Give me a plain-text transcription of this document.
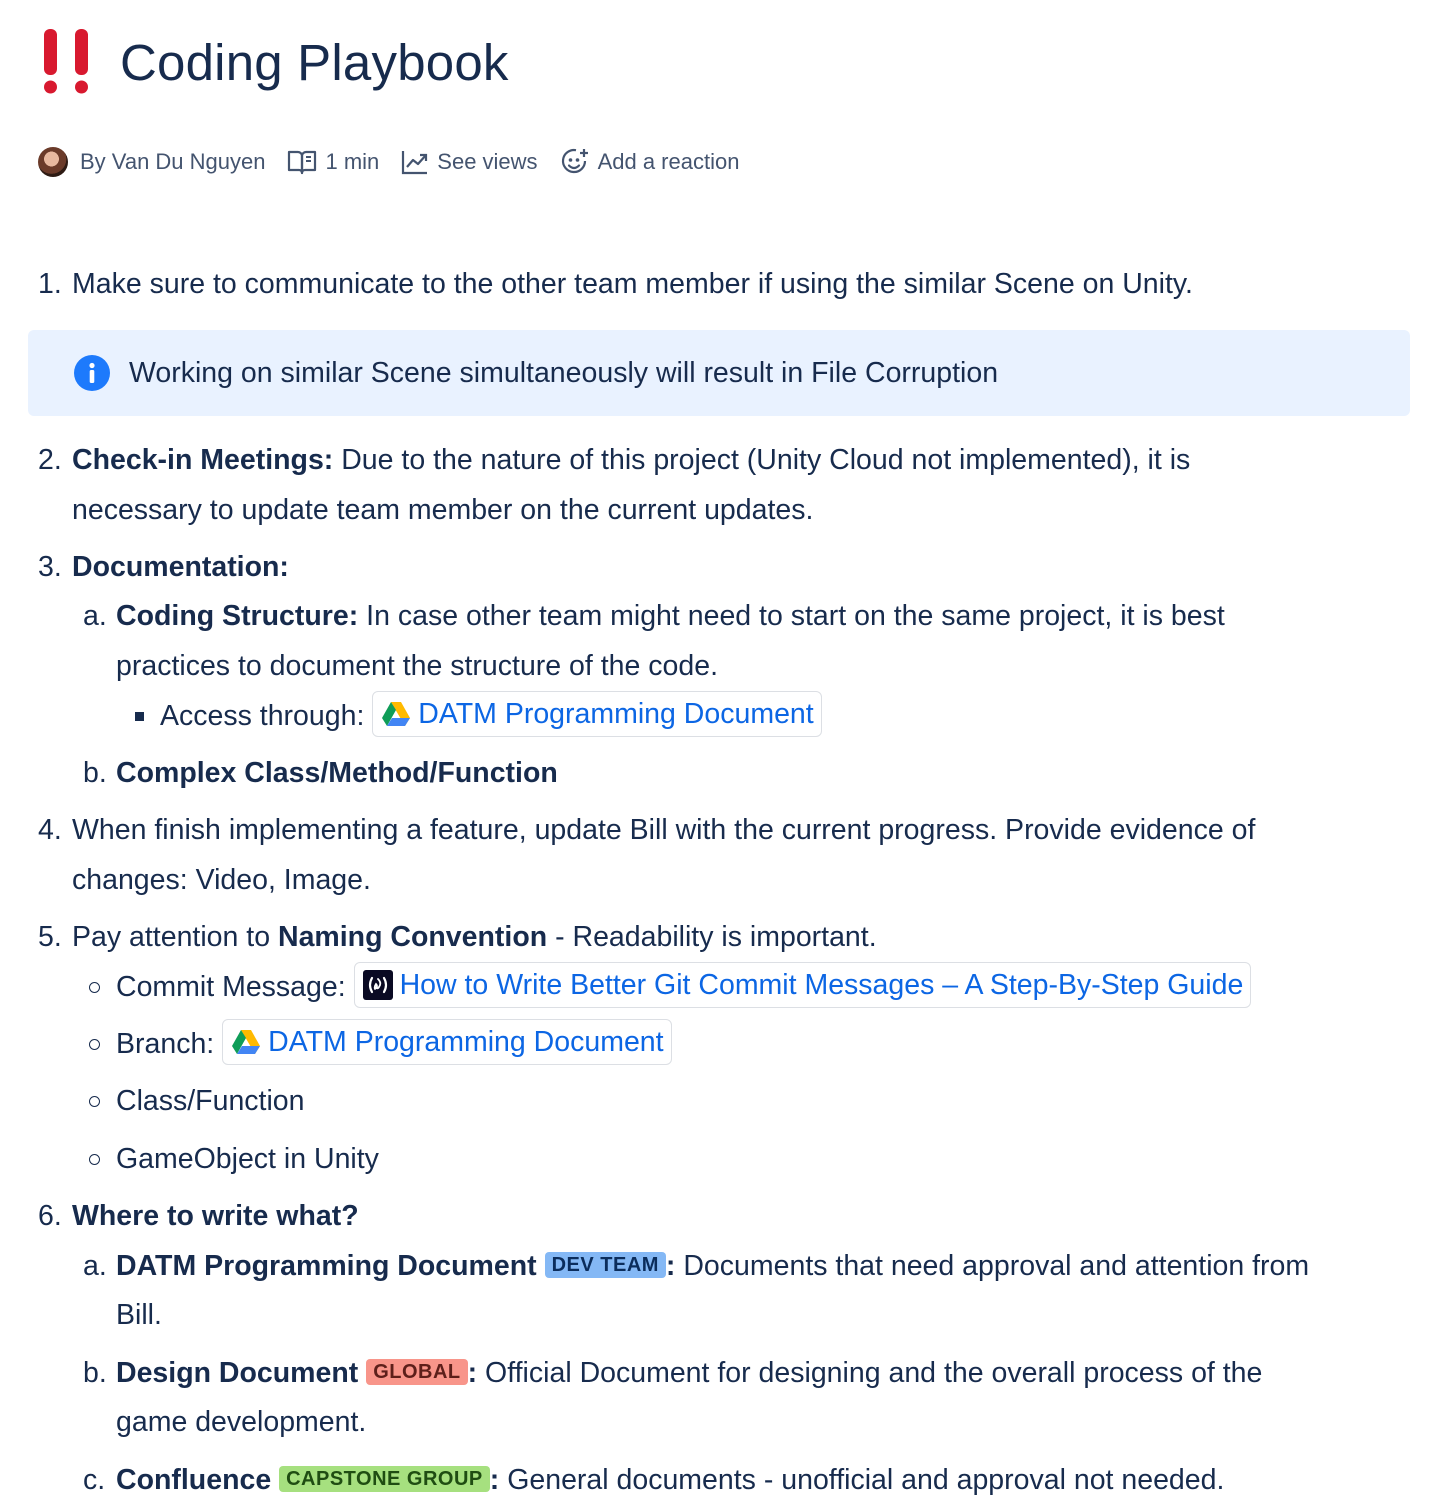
Coding Playbook
By Van Du Nguyen	1 min	See views	Add a reaction
1. Make sure to communicate to the other team member if using the similar Scene on Unity.
Working on similar Scene simultaneously will result in File Corruption
2. Check-in Meetings: Due to the nature of this project (Unity Cloud not implemented), it is
necessary to update team member on the current updates.
3. Documentation:
a. Coding Structure: In case other team might need to start on the same project, it is best
practices to document the structure of the code.
Access through: DATM Programming Document
b. Complex Class/Method/Function
4. When finish implementing a feature, update Bill with the current progress. Provide evidence of
changes: Video, Image.
5. Pay attention to Naming Convention - Readability is important.
Commit Message: How to Write Better Git Commit Messages – A Step-By-Step Guide
Branch: DATM Programming Document
Class/Function
GameObject in Unity
6. Where to write what?
a. DATM Programming Document DEV TEAM : Documents that need approval and attention from
Bill.
b. Design Document GLOBAL : Official Document for designing and the overall process of the
game development.
c. Confluence CAPSTONE GROUP : General documents - unofficial and approval not needed.
